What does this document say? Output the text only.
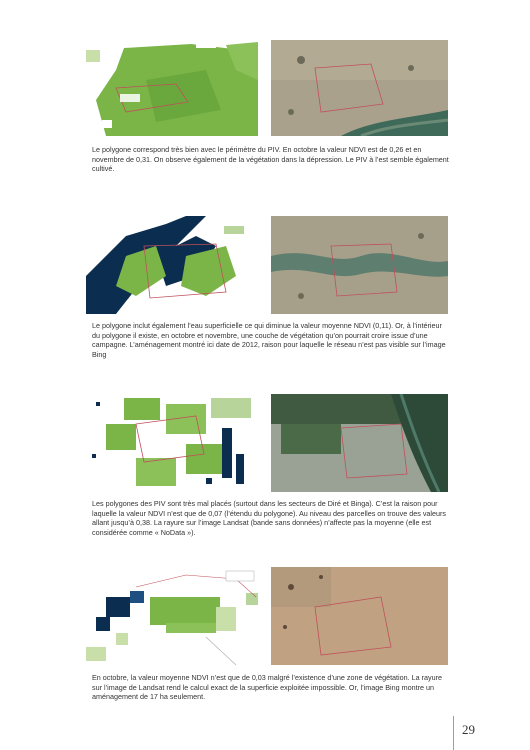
Le polygone correspond très bien avec le périmètre du PIV. En octobre la valeur NDVI est de 0,26 et en novembre de 0,31. On observe également de la végétation dans la dépression. Le PIV à l’est semble également cultivé.

Le polygone inclut également l’eau superficielle ce qui diminue la valeur moyenne NDVI (0,11). Or, à l’intérieur du polygone il existe, en octobre et novembre, une couche de végétation qu’on pourrait croire issue d’une campagne. L’aménagement montré ici date de 2012, raison pour laquelle le réseau n’est pas visible sur l’image Bing

Les polygones des PIV sont très mal placés (surtout dans les secteurs de Diré et Binga). C’est la raison pour laquelle la valeur NDVI n’est que de 0,07 (l’étendu du polygone). Au niveau des parcelles on trouve des valeurs allant jusqu’à 0,38. La rayure sur l’image Landsat (bande sans données) n’affecte pas la moyenne (elle est considérée comme « NoData »).

En octobre, la valeur moyenne NDVI n’est que de 0,03 malgré l’existence d’une zone de végétation. La rayure sur l’image de Landsat rend le calcul exact de la superficie exploitée impossible. Or, l’image Bing montre un aménagement de 17 ha seulement.

29
